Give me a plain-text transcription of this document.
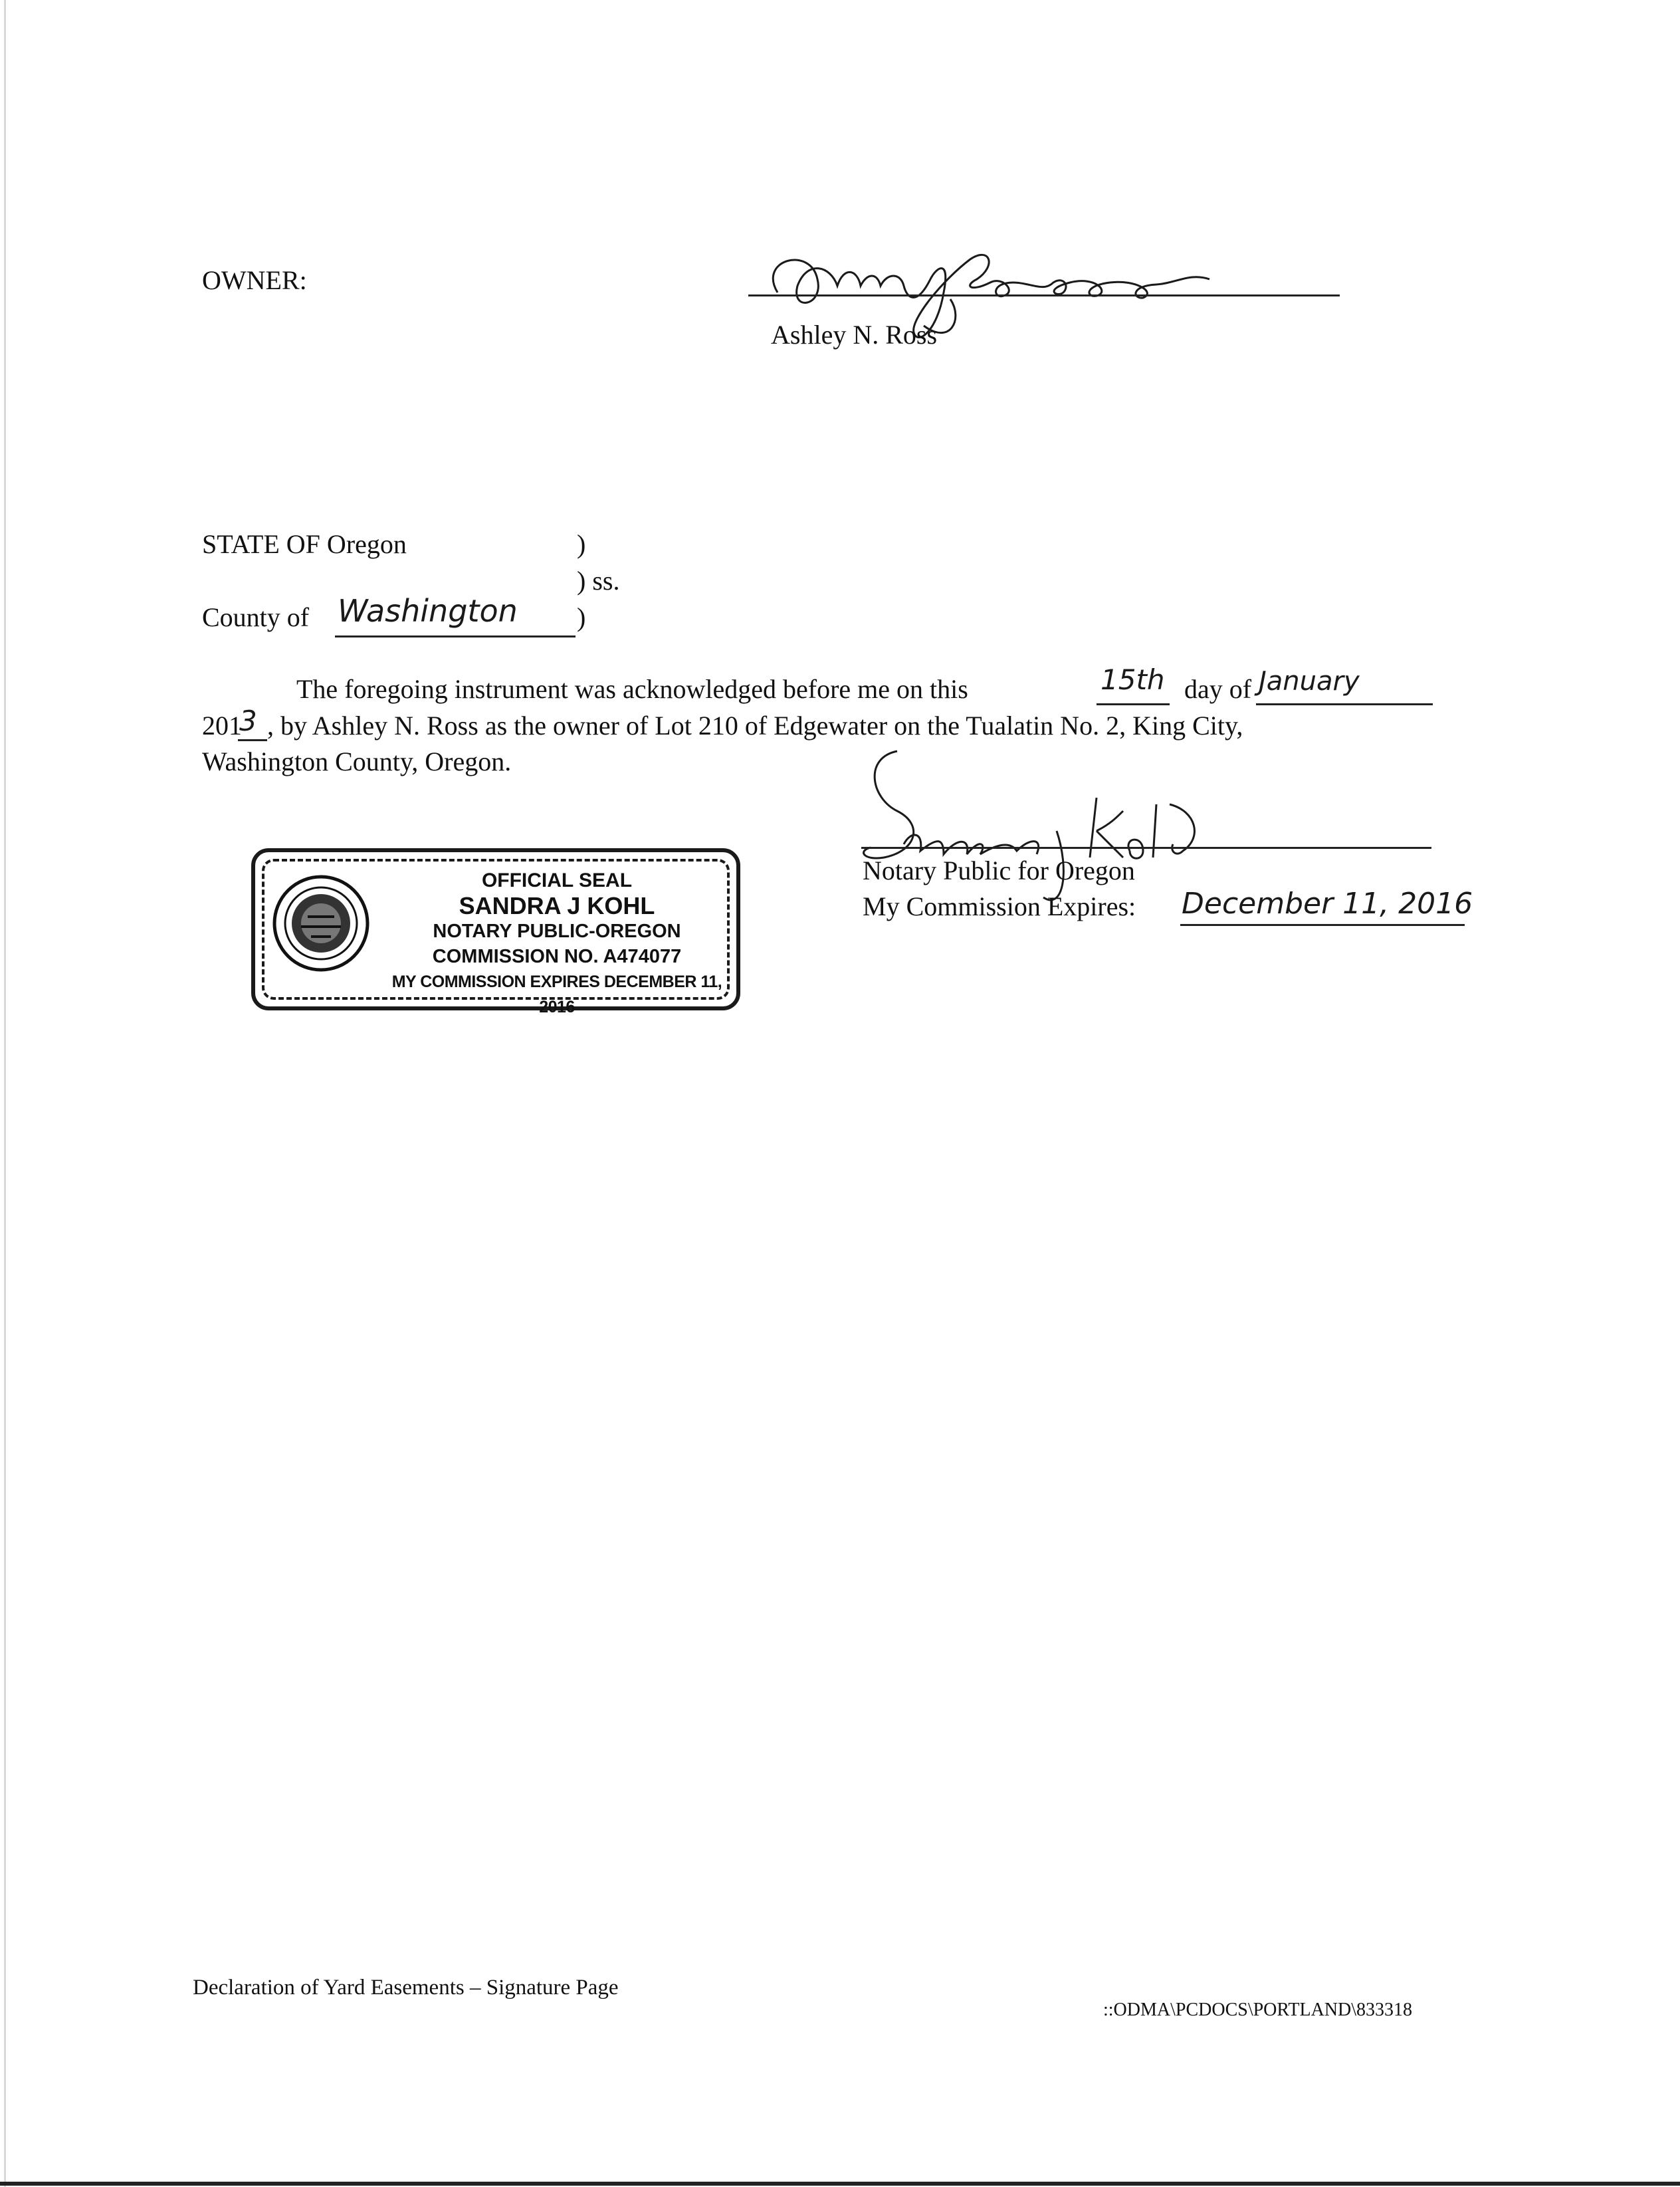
OWNER:
Ashley N. Ross
STATE OF Oregon	)
) ss.
County of Washington )
The foregoing instrument was acknowledged before me on this	15th day of January
201
3 , by Ashley N. Ross as the owner of Lot 210 of Edgewater on the Tualatin No. 2, King City,
Washington County, Oregon.
Notary Public for Oregon
My Commission Expires: December 11, 2016
OFFICIAL SEAL
SANDRA J KOHL
NOTARY PUBLIC-OREGON
COMMISSION NO. A474077
MY COMMISSION EXPIRES DECEMBER 11, 2016
Declaration of Yard Easements – Signature Page
::ODMA\PCDOCS\PORTLAND\833318
